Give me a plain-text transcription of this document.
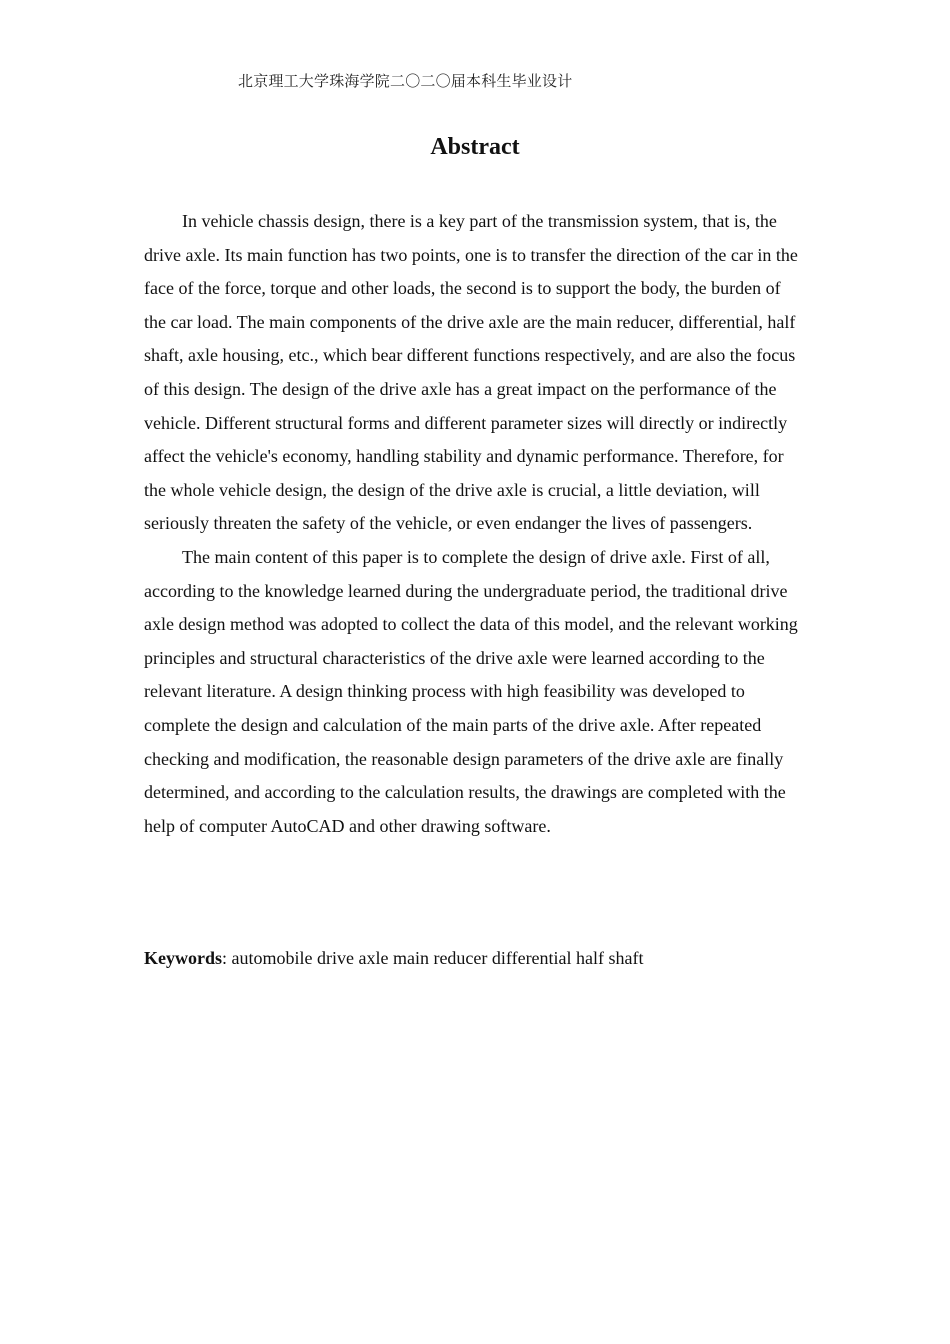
北京理工大学珠海学院二〇二〇届本科生毕业设计
Abstract

In vehicle chassis design, there is a key part of the transmission system, that is, the drive axle. Its main function has two points, one is to transfer the direction of the car in the face of the force, torque and other loads, the second is to support the body, the burden of the car load. The main components of the drive axle are the main reducer, differential, half shaft, axle housing, etc., which bear different functions respectively, and are also the focus of this design. The design of the drive axle has a great impact on the performance of the vehicle. Different structural forms and different parameter sizes will directly or indirectly affect the vehicle's economy, handling stability and dynamic performance. Therefore, for the whole vehicle design, the design of the drive axle is crucial, a little deviation, will seriously threaten the safety of the vehicle, or even endanger the lives of passengers.

The main content of this paper is to complete the design of drive axle. First of all, according to the knowledge learned during the undergraduate period, the traditional drive axle design method was adopted to collect the data of this model, and the relevant working principles and structural characteristics of the drive axle were learned according to the relevant literature. A design thinking process with high feasibility was developed to complete the design and calculation of the main parts of the drive axle. After repeated checking and modification, the reasonable design parameters of the drive axle are finally determined, and according to the calculation results, the drawings are completed with the help of computer AutoCAD and other drawing software.

Keywords: automobile drive axle main reducer differential half shaft
